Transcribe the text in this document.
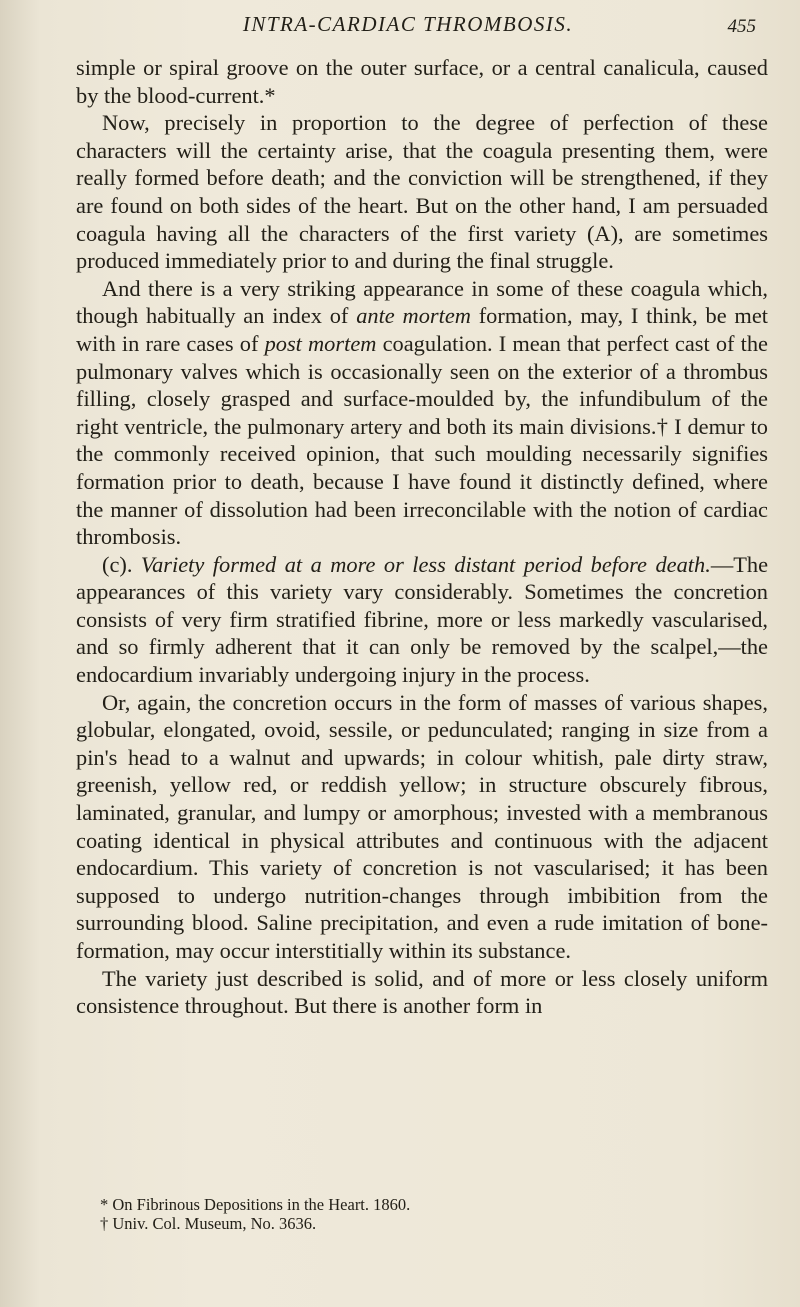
INTRA-CARDIAC THROMBOSIS.	455

simple or spiral groove on the outer surface, or a central canalicula, caused by the blood-current.*

Now, precisely in proportion to the degree of perfection of these characters will the certainty arise, that the coagula presenting them, were really formed before death; and the conviction will be strengthened, if they are found on both sides of the heart. But on the other hand, I am persuaded coagula having all the characters of the first variety (A), are sometimes produced immediately prior to and during the final struggle.

And there is a very striking appearance in some of these coagula which, though habitually an index of ante mortem formation, may, I think, be met with in rare cases of post mortem coagulation. I mean that perfect cast of the pulmonary valves which is occasionally seen on the exterior of a thrombus filling, closely grasped and surface-moulded by, the infundibulum of the right ventricle, the pulmonary artery and both its main divisions.† I demur to the commonly received opinion, that such moulding necessarily signifies formation prior to death, because I have found it distinctly defined, where the manner of dissolution had been irreconcilable with the notion of cardiac thrombosis.

(c). Variety formed at a more or less distant period before death.—The appearances of this variety vary considerably. Sometimes the concretion consists of very firm stratified fibrine, more or less markedly vascularised, and so firmly adherent that it can only be removed by the scalpel,—the endocardium invariably undergoing injury in the process.

Or, again, the concretion occurs in the form of masses of various shapes, globular, elongated, ovoid, sessile, or pedunculated; ranging in size from a pin's head to a walnut and upwards; in colour whitish, pale dirty straw, greenish, yellow red, or reddish yellow; in structure obscurely fibrous, laminated, granular, and lumpy or amorphous; invested with a membranous coating identical in physical attributes and continuous with the adjacent endocardium. This variety of concretion is not vascularised; it has been supposed to undergo nutrition-changes through imbibition from the surrounding blood. Saline precipitation, and even a rude imitation of bone-formation, may occur interstitially within its substance.

The variety just described is solid, and of more or less closely uniform consistence throughout. But there is another form in

* On Fibrinous Depositions in the Heart. 1860.

† Univ. Col. Museum, No. 3636.
